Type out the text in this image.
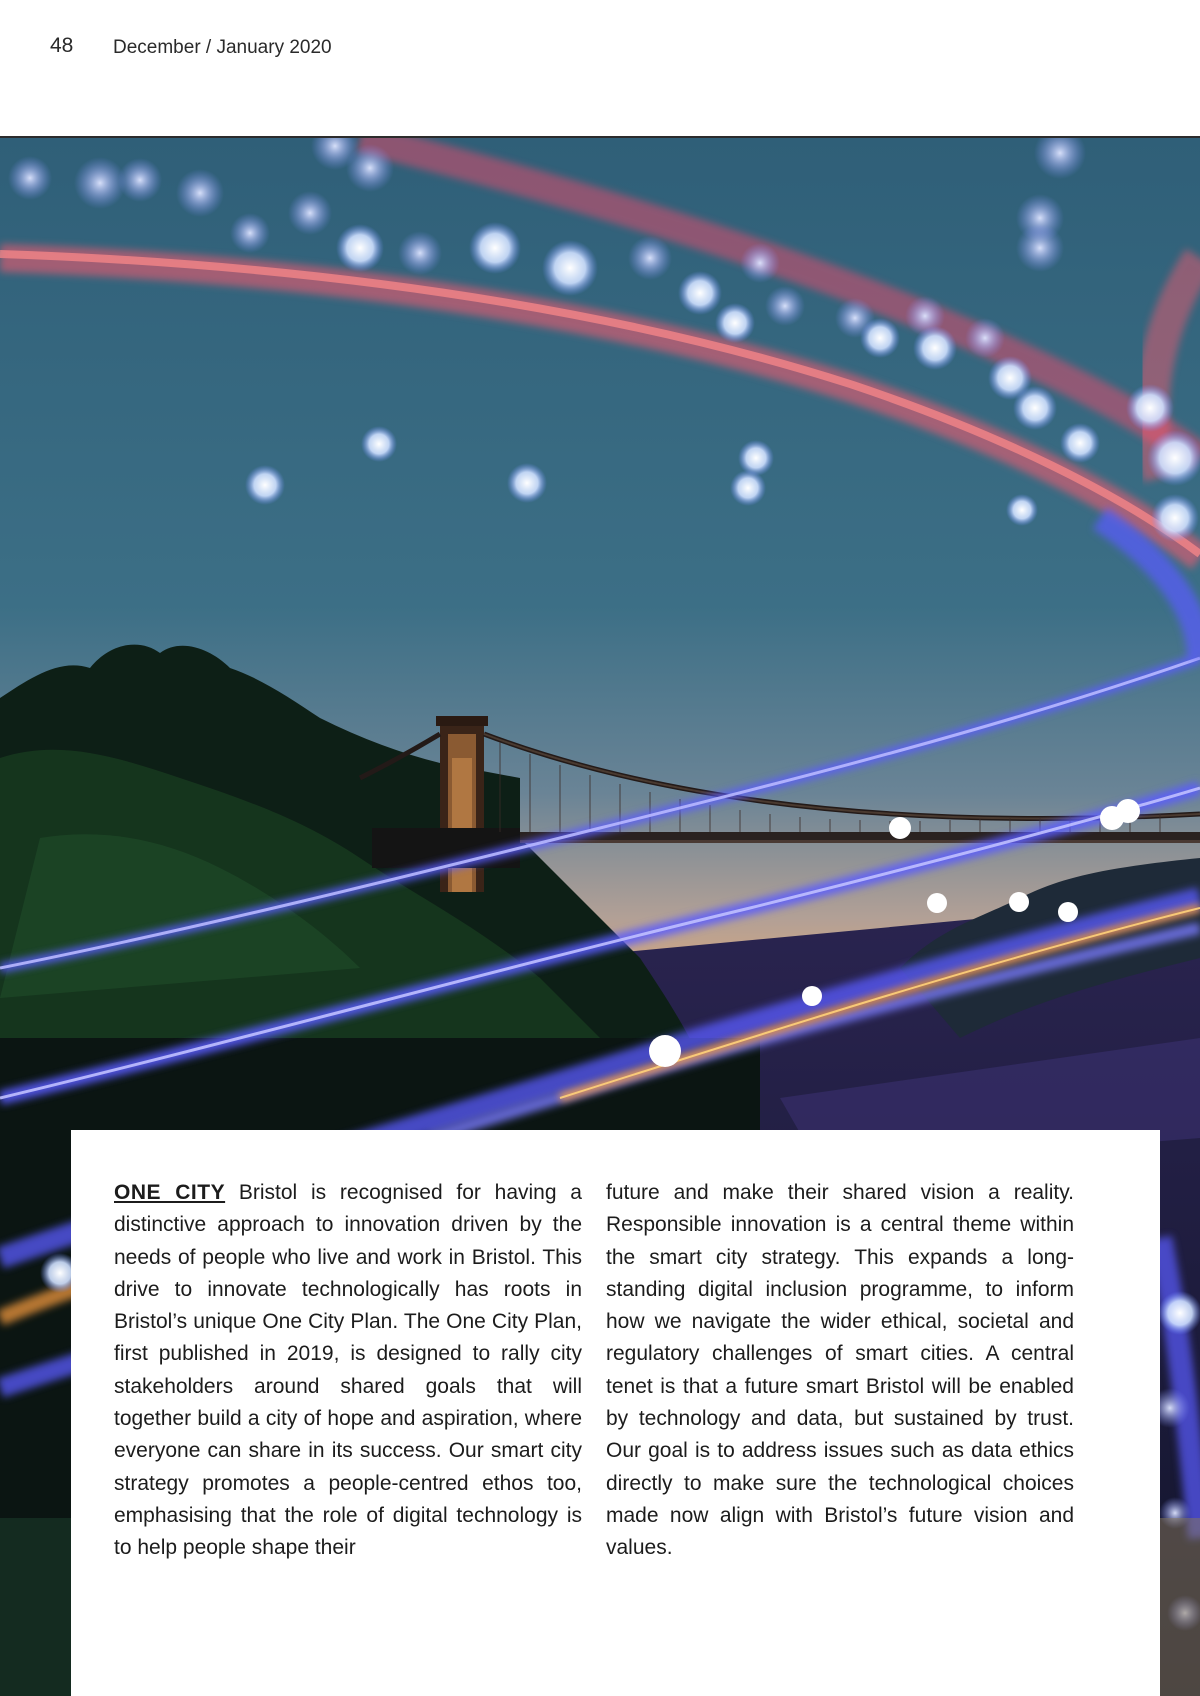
48 December / January 2020
ONE CITY Bristol is recognised for having a distinctive approach to innovation driven by the needs of people who live and work in Bristol. This drive to innovate technologically has roots in Bristol’s unique One City Plan. The One City Plan, first published in 2019, is designed to rally city stakeholders around shared goals that will together build a city of hope and aspiration, where everyone can share in its success. Our smart city strategy promotes a people-centred ethos too, emphasising that the role of digital technology is to help people shape their
future and make their shared vision a reality. Responsible innovation is a central theme within the smart city strategy. This expands a long-standing digital inclusion programme, to inform how we navigate the wider ethical, societal and regulatory challenges of smart cities. A central tenet is that a future smart Bristol will be enabled by technology and data, but sustained by trust. Our goal is to address issues such as data ethics directly to make sure the technological choices made now align with Bristol’s future vision and values.
